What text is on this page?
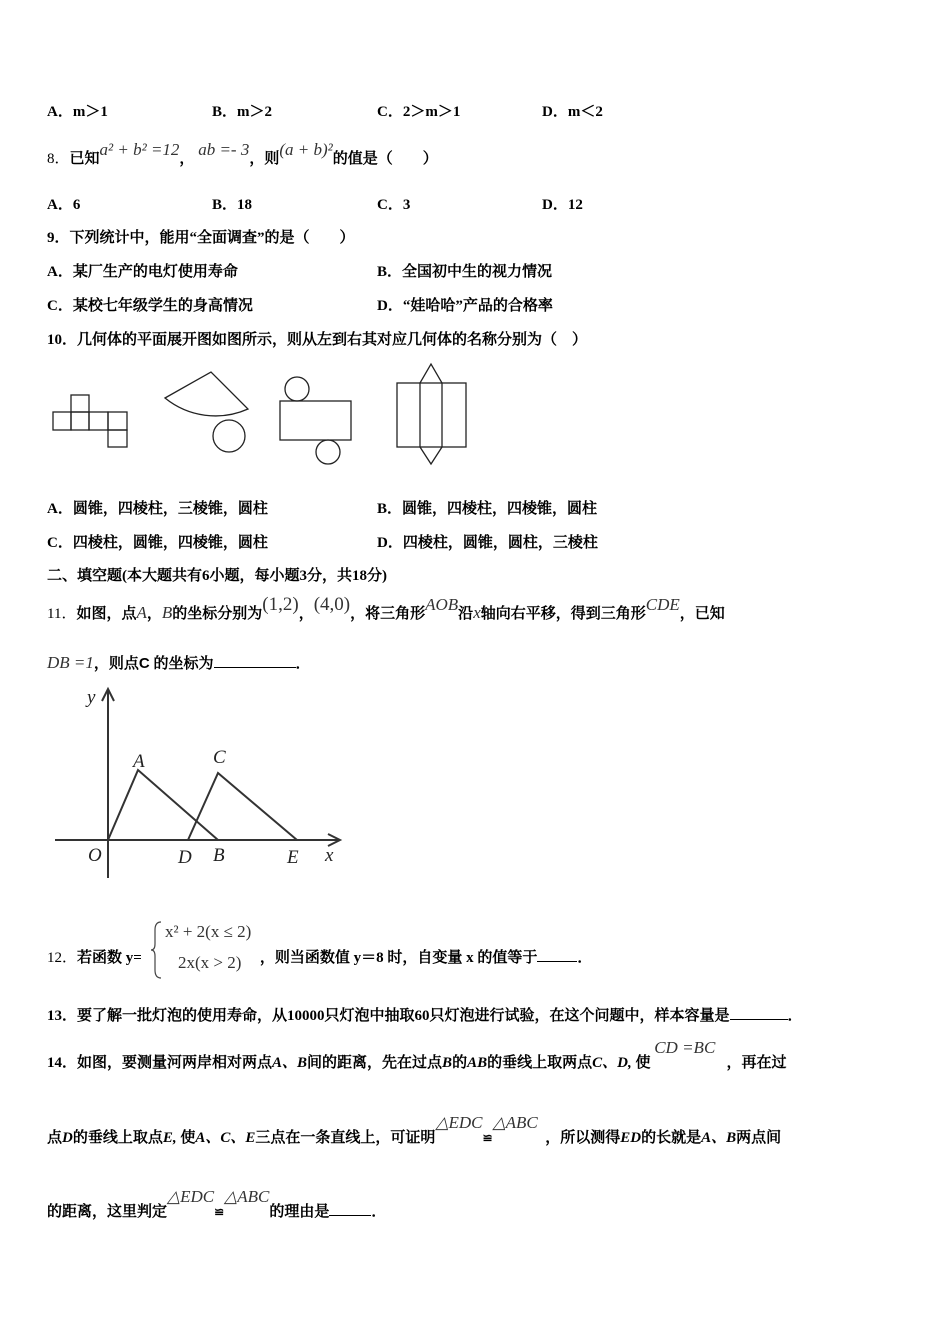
A．m＞1	B．m＞2	C．2＞m＞1	D．m＜2
8．已知a² + b² =12， ab =- 3，则(a + b)²的值是（　　）
A．6	B．18	C．3	D．12
9．下列统计中，能用“全面调查”的是（　　）
A．某厂生产的电灯使用寿命	B．全国初中生的视力情况
C．某校七年级学生的身高情况	D．“娃哈哈”产品的合格率
10．几何体的平面展开图如图所示，则从左到右其对应几何体的名称分别为（　）
A．圆锥，四棱柱，三棱锥，圆柱	B．圆锥，四棱柱，四棱锥，圆柱
C．四棱柱，圆锥，四棱锥，圆柱	D．四棱柱，圆锥，圆柱，三棱柱
二、填空题(本大题共有6小题，每小题3分，共18分)
11．如图，点A，B的坐标分别为(1,2)，(4,0)，将三角形AOB沿x轴向右平移，得到三角形CDE，已知
DB =1，则点C 的坐标为	．
y
x
O
A
B
C
D	E
12．若函数 y=	，则当函数值 y＝8 时，自变量 x 的值等于	．
x² + 2(x ≤ 2)
2x(x > 2)
13．要了解一批灯泡的使用寿命，从10000只灯泡中抽取60只灯泡进行试验，在这个问题中，样本容量是	．
14．如图，要测量河两岸相对两点A、B间的距离，先在过点B的AB的垂线上取两点C、D, 使 CD =BC   ，再在过
点D的垂线上取点E, 使A、C、E三点在一条直线上，可证明△EDC≌△ABC  ，所以测得ED的长就是A、B两点间
的距离，这里判定△EDC≌△ABC的理由是	．
